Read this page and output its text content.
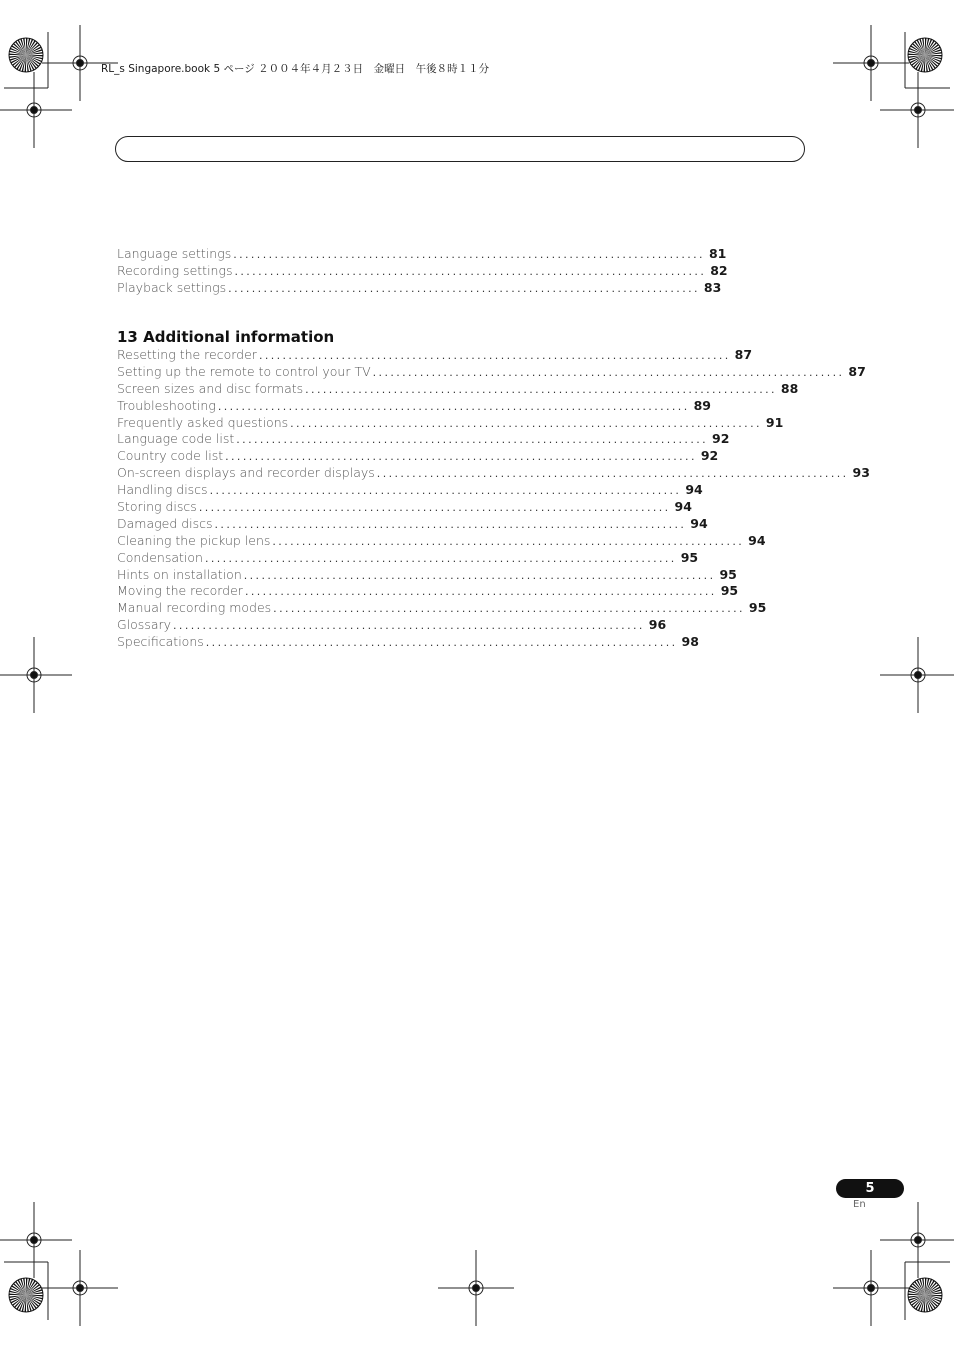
RL_s Singapore.book 5 ページ ２００４年４月２３日　金曜日　午後８時１１分
Language settings ................................................................................ 81
Recording settings ................................................................................ 82
Playback settings ................................................................................ 83
13 Additional information
Resetting the recorder ................................................................................ 87
Setting up the remote to control your TV ................................................................................ 87
Screen sizes and disc formats ................................................................................ 88
Troubleshooting ................................................................................ 89
Frequently asked questions ................................................................................ 91
Language code list ................................................................................ 92
Country code list ................................................................................ 92
On-screen displays and recorder displays ................................................................................ 93
Handling discs ................................................................................ 94
Storing discs ................................................................................ 94
Damaged discs ................................................................................ 94
Cleaning the pickup lens ................................................................................ 94
Condensation ................................................................................ 95
Hints on installation ................................................................................ 95
Moving the recorder ................................................................................ 95
Manual recording modes ................................................................................ 95
Glossary ................................................................................ 96
Specifications ................................................................................ 98
5
En
